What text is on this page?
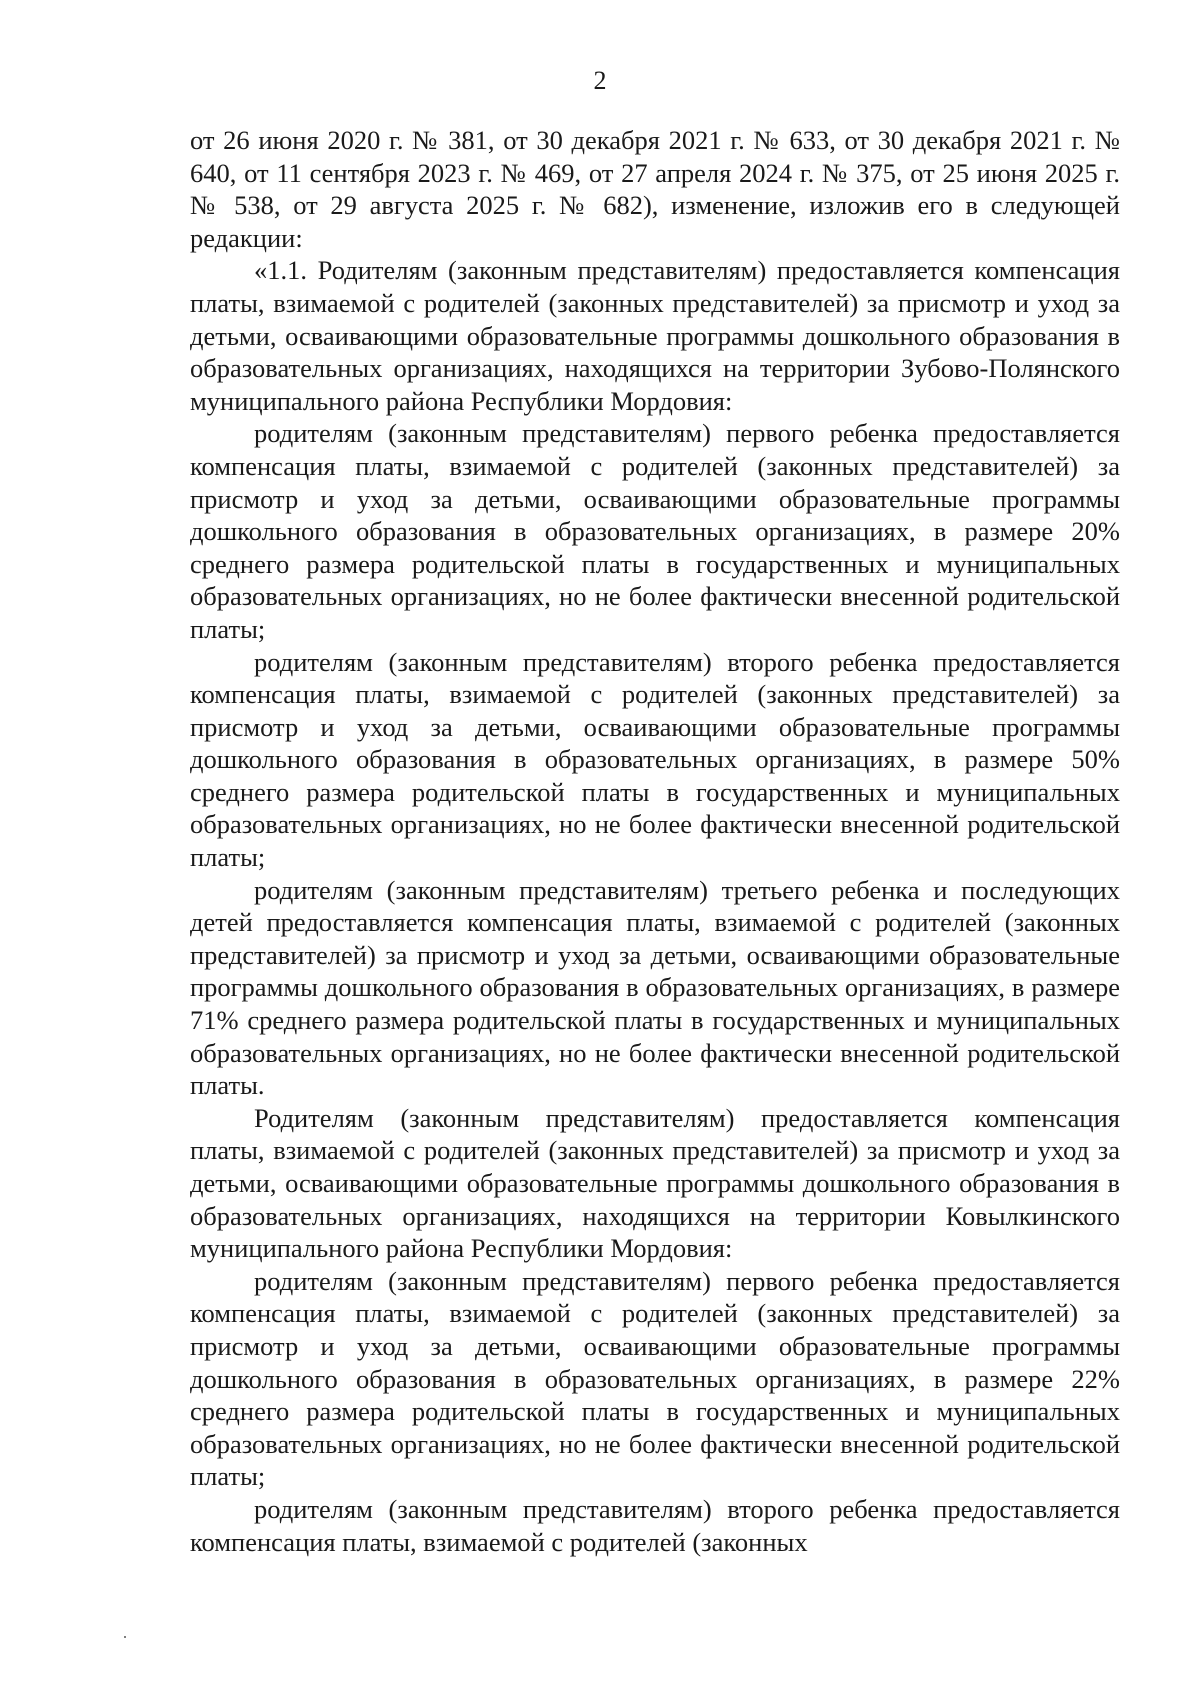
2

от 26 июня 2020 г. № 381, от 30 декабря 2021 г. № 633, от 30 декабря 2021 г. № 640, от 11 сентября 2023 г. № 469, от 27 апреля 2024 г. № 375, от 25 июня 2025 г. № 538, от 29 августа 2025 г. № 682), изменение, изложив его в следующей редакции:

«1.1. Родителям (законным представителям) предоставляется компенсация платы, взимаемой с родителей (законных представителей) за присмотр и уход за детьми, осваивающими образовательные программы дошкольного образования в образовательных организациях, находящихся на территории Зубово-Полянского муниципального района Республики Мордовия:

родителям (законным представителям) первого ребенка предоставляется компенсация платы, взимаемой с родителей (законных представителей) за присмотр и уход за детьми, осваивающими образовательные программы дошкольного образования в образовательных организациях, в размере 20% среднего размера родительской платы в государственных и муниципальных образовательных организациях, но не более фактически внесенной родительской платы;

родителям (законным представителям) второго ребенка предоставляется компенсация платы, взимаемой с родителей (законных представителей) за присмотр и уход за детьми, осваивающими образовательные программы дошкольного образования в образовательных организациях, в размере 50% среднего размера родительской платы в государственных и муниципальных образовательных организациях, но не более фактически внесенной родительской платы;

родителям (законным представителям) третьего ребенка и последующих детей предоставляется компенсация платы, взимаемой с родителей (законных представителей) за присмотр и уход за детьми, осваивающими образовательные программы дошкольного образования в образовательных организациях, в размере 71% среднего размера родительской платы в государственных и муниципальных образовательных организациях, но не более фактически внесенной родительской платы.

Родителям (законным представителям) предоставляется компенсация платы, взимаемой с родителей (законных представителей) за присмотр и уход за детьми, осваивающими образовательные программы дошкольного образования в образовательных организациях, находящихся на территории Ковылкинского муниципального района Республики Мордовия:

родителям (законным представителям) первого ребенка предоставляется компенсация платы, взимаемой с родителей (законных представителей) за присмотр и уход за детьми, осваивающими образовательные программы дошкольного образования в образовательных организациях, в размере 22% среднего размера родительской платы в государственных и муниципальных образовательных организациях, но не более фактически внесенной родительской платы;

родителям (законным представителям) второго ребенка предоставляется компенсация платы, взимаемой с родителей (законных
